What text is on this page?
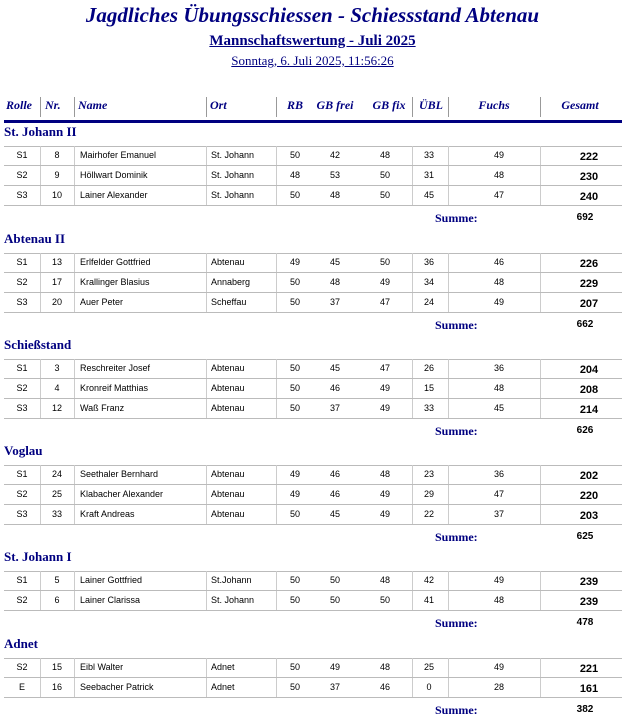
Jagdliches Übungsschiessen - Schiessstand Abtenau
Mannschaftswertung - Juli 2025
Sonntag, 6. Juli 2025, 11:56:26
Rolle Nr. Name	Ort	RB	GB frei	GB fix	ÜBL	Fuchs	Gesamt
St. Johann II
S1	8	Mairhofer Emanuel	St. Johann	50	42	48	33	49	222
S2	9	Höllwart Dominik	St. Johann	48	53	50	31	48	230
S3	10	Lainer Alexander	St. Johann	50	48	50	45	47	240
Summe:	692
Abtenau II
S1	13	Erlfelder Gottfried	Abtenau	49	45	50	36	46	226
S2	17	Krallinger Blasius	Annaberg	50	48	49	34	48	229
S3	20	Auer Peter	Scheffau	50	37	47	24	49	207
Summe:	662
Schießstand
S1	3	Reschreiter Josef	Abtenau	50	45	47	26	36	204
S2	4	Kronreif Matthias	Abtenau	50	46	49	15	48	208
S3	12	Waß Franz	Abtenau	50	37	49	33	45	214
Summe:	626
Voglau
S1	24	Seethaler Bernhard	Abtenau	49	46	48	23	36	202
S2	25	Klabacher Alexander	Abtenau	49	46	49	29	47	220
S3	33	Kraft Andreas	Abtenau	50	45	49	22	37	203
Summe:	625
St. Johann I
S1	5	Lainer Gottfried	St.Johann	50	50	48	42	49	239
S2	6	Lainer Clarissa	St. Johann	50	50	50	41	48	239
Summe:	478
Adnet
S2	15	Eibl Walter	Adnet	50	49	48	25	49	221
E	16	Seebacher Patrick	Adnet	50	37	46	0	28	161
Summe:	382
